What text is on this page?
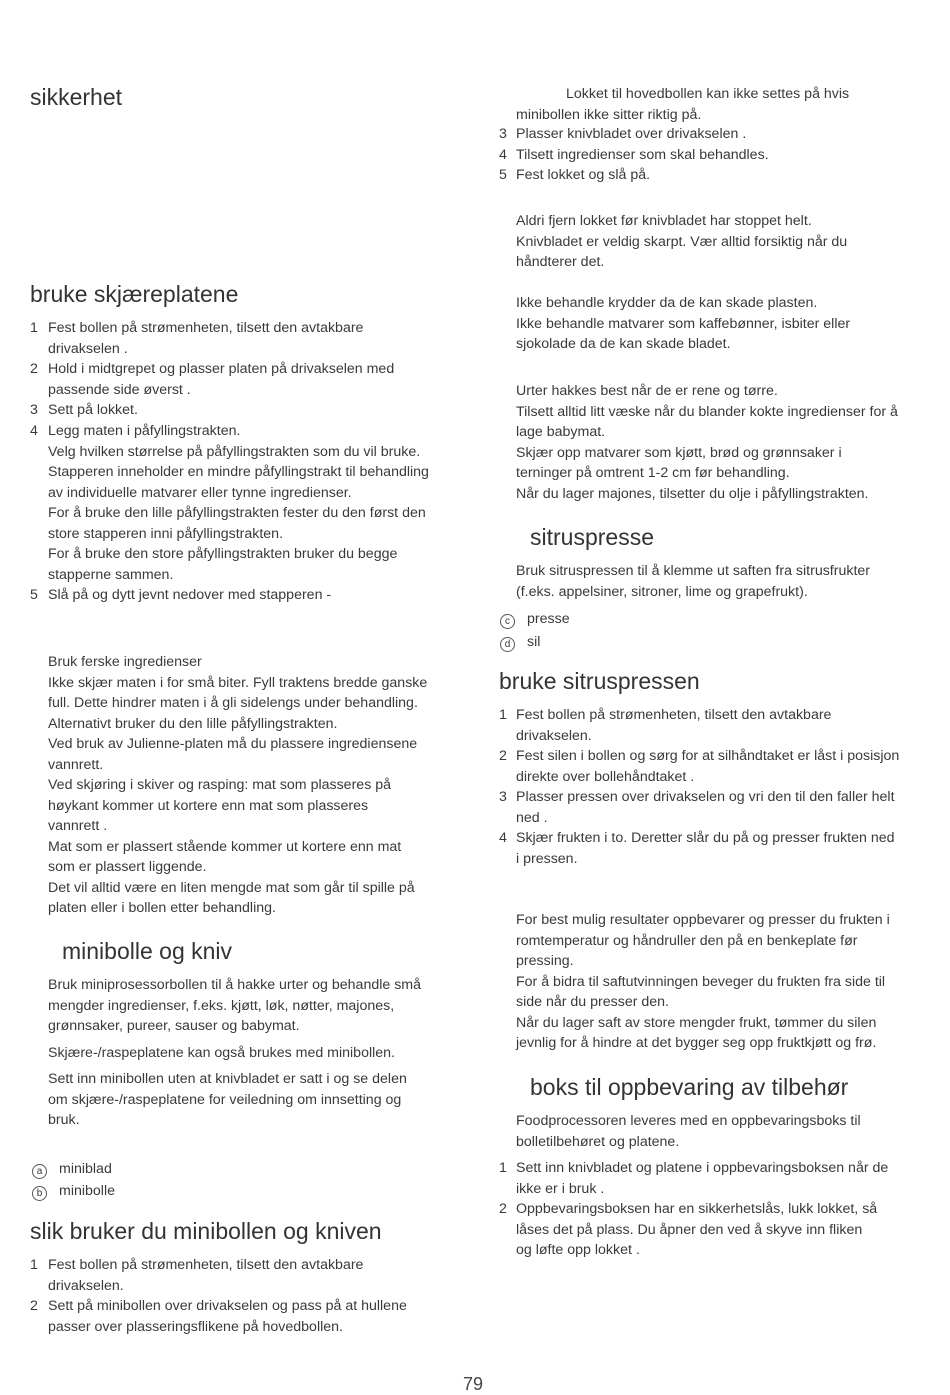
sikkerhet
bruke skjæreplatene
1 Fest bollen på strømenheten, tilsett den avtakbare
drivakselen .
2 Hold i midtgrepet og plasser platen på drivakselen med
passende side øverst .
3 Sett på lokket.
4 Legg maten i påfyllingstrakten.
Velg hvilken størrelse på påfyllingstrakten som du vil bruke.
Stapperen inneholder en mindre påfyllingstrakt til behandling
av individuelle matvarer eller tynne ingredienser.
For å bruke den lille påfyllingstrakten fester du den først den
store stapperen inni påfyllingstrakten.
For å bruke den store påfyllingstrakten bruker du begge
stapperne sammen.
5 Slå på og dytt jevnt nedover med stapperen -
Bruk ferske ingredienser
Ikke skjær maten i for små biter. Fyll traktens bredde ganske
full. Dette hindrer maten i å gli sidelengs under behandling.
Alternativt bruker du den lille påfyllingstrakten.
Ved bruk av Julienne-platen må du plassere ingrediensene
vannrett.
Ved skjøring i skiver og rasping: mat som plasseres på
høykant kommer ut kortere enn mat som plasseres
vannrett .
Mat som er plassert stående kommer ut kortere enn mat
som er plassert liggende.
Det vil alltid være en liten mengde mat som går til spille på
platen eller i bollen etter behandling.
minibolle og kniv
Bruk miniprosessorbollen til å hakke urter og behandle små
mengder ingredienser, f.eks. kjøtt, løk, nøtter, majones,
grønnsaker, pureer, sauser og babymat.
Skjære-/raspeplatene kan også brukes med minibollen.
Sett inn minibollen uten at knivbladet er satt i og se delen
om skjære-/raspeplatene for veiledning om innsetting og
bruk.
a	miniblad
b	minibolle
slik bruker du minibollen og kniven
1 Fest bollen på strømenheten, tilsett den avtakbare
drivakselen.
2 Sett på minibollen over drivakselen og pass på at hullene
passer over plasseringsflikene på hovedbollen.
Lokket til hovedbollen kan ikke settes på hvis
minibollen ikke sitter riktig på.
3 Plasser knivbladet over drivakselen .
4 Tilsett ingredienser som skal behandles.
5 Fest lokket og slå på.
Aldri fjern lokket før knivbladet har stoppet helt.
Knivbladet er veldig skarpt. Vær alltid forsiktig når du
håndterer det.
Ikke behandle krydder da de kan skade plasten.
Ikke behandle matvarer som kaffebønner, isbiter eller
sjokolade da de kan skade bladet.
Urter hakkes best når de er rene og tørre.
Tilsett alltid litt væske når du blander kokte ingredienser for å
lage babymat.
Skjær opp matvarer som kjøtt, brød og grønnsaker i
terninger på omtrent 1-2 cm før behandling.
Når du lager majones, tilsetter du olje i påfyllingstrakten.
sitruspresse
Bruk sitruspressen til å klemme ut saften fra sitrusfrukter
(f.eks. appelsiner, sitroner, lime og grapefrukt).
c	presse
d	sil
bruke sitruspressen
1 Fest bollen på strømenheten, tilsett den avtakbare
drivakselen.
2 Fest silen i bollen og sørg for at silhåndtaket er låst i posisjon
direkte over bollehåndtaket .
3 Plasser pressen over drivakselen og vri den til den faller helt
ned .
4 Skjær frukten i to. Deretter slår du på og presser frukten ned
i pressen.
For best mulig resultater oppbevarer og presser du frukten i
romtemperatur og håndruller den på en benkeplate før
pressing.
For å bidra til saftutvinningen beveger du frukten fra side til
side når du presser den.
Når du lager saft av store mengder frukt, tømmer du silen
jevnlig for å hindre at det bygger seg opp fruktkjøtt og frø.
boks til oppbevaring av tilbehør
Foodprocessoren leveres med en oppbevaringsboks til
bolletilbehøret og platene.
1 Sett inn knivbladet og platene i oppbevaringsboksen når de
ikke er i bruk .
2 Oppbevaringsboksen har en sikkerhetslås, lukk lokket, så
låses det på plass. Du åpner den ved å skyve inn fliken
og løfte opp lokket .
79
